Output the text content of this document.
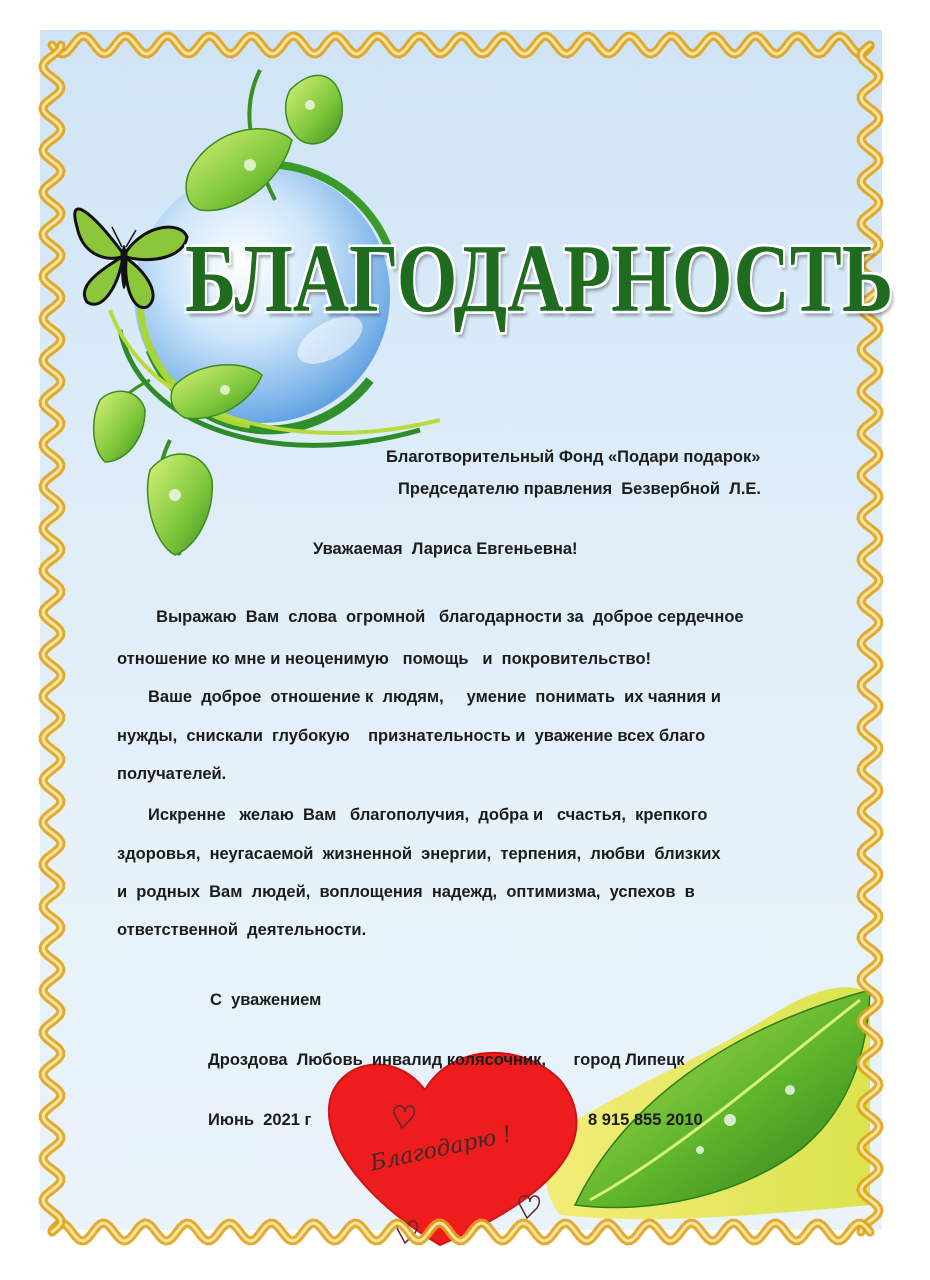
БЛАГОДАРНОСТЬ
Благотворительный Фонд «Подари подарок»
Председателю правления  Безвербной  Л.Е.
Уважаемая  Лариса Евгеньевна!
Выражаю  Вам  слова  огромной   благодарности за  доброе сердечное
отношение ко мне и неоценимую   помощь   и  покровительство!
Ваше  доброе  отношение к  людям,     умение  понимать  их чаяния и
нужды,  снискали  глубокую    признательность и  уважение всех благо
получателей.
Искренне   желаю  Вам   благополучия,  добра и   счастья,  крепкого
здоровья,  неугасаемой  жизненной  энергии,  терпения,  любви  близких
и  родных  Вам  людей,  воплощения  надежд,  оптимизма,  успехов  в
ответственной  деятельности.
С  уважением
Дроздова  Любовь  инвалид колясочник,      город Липецк
Июнь  2021 г	8 915 855 2010
Благодарю !
